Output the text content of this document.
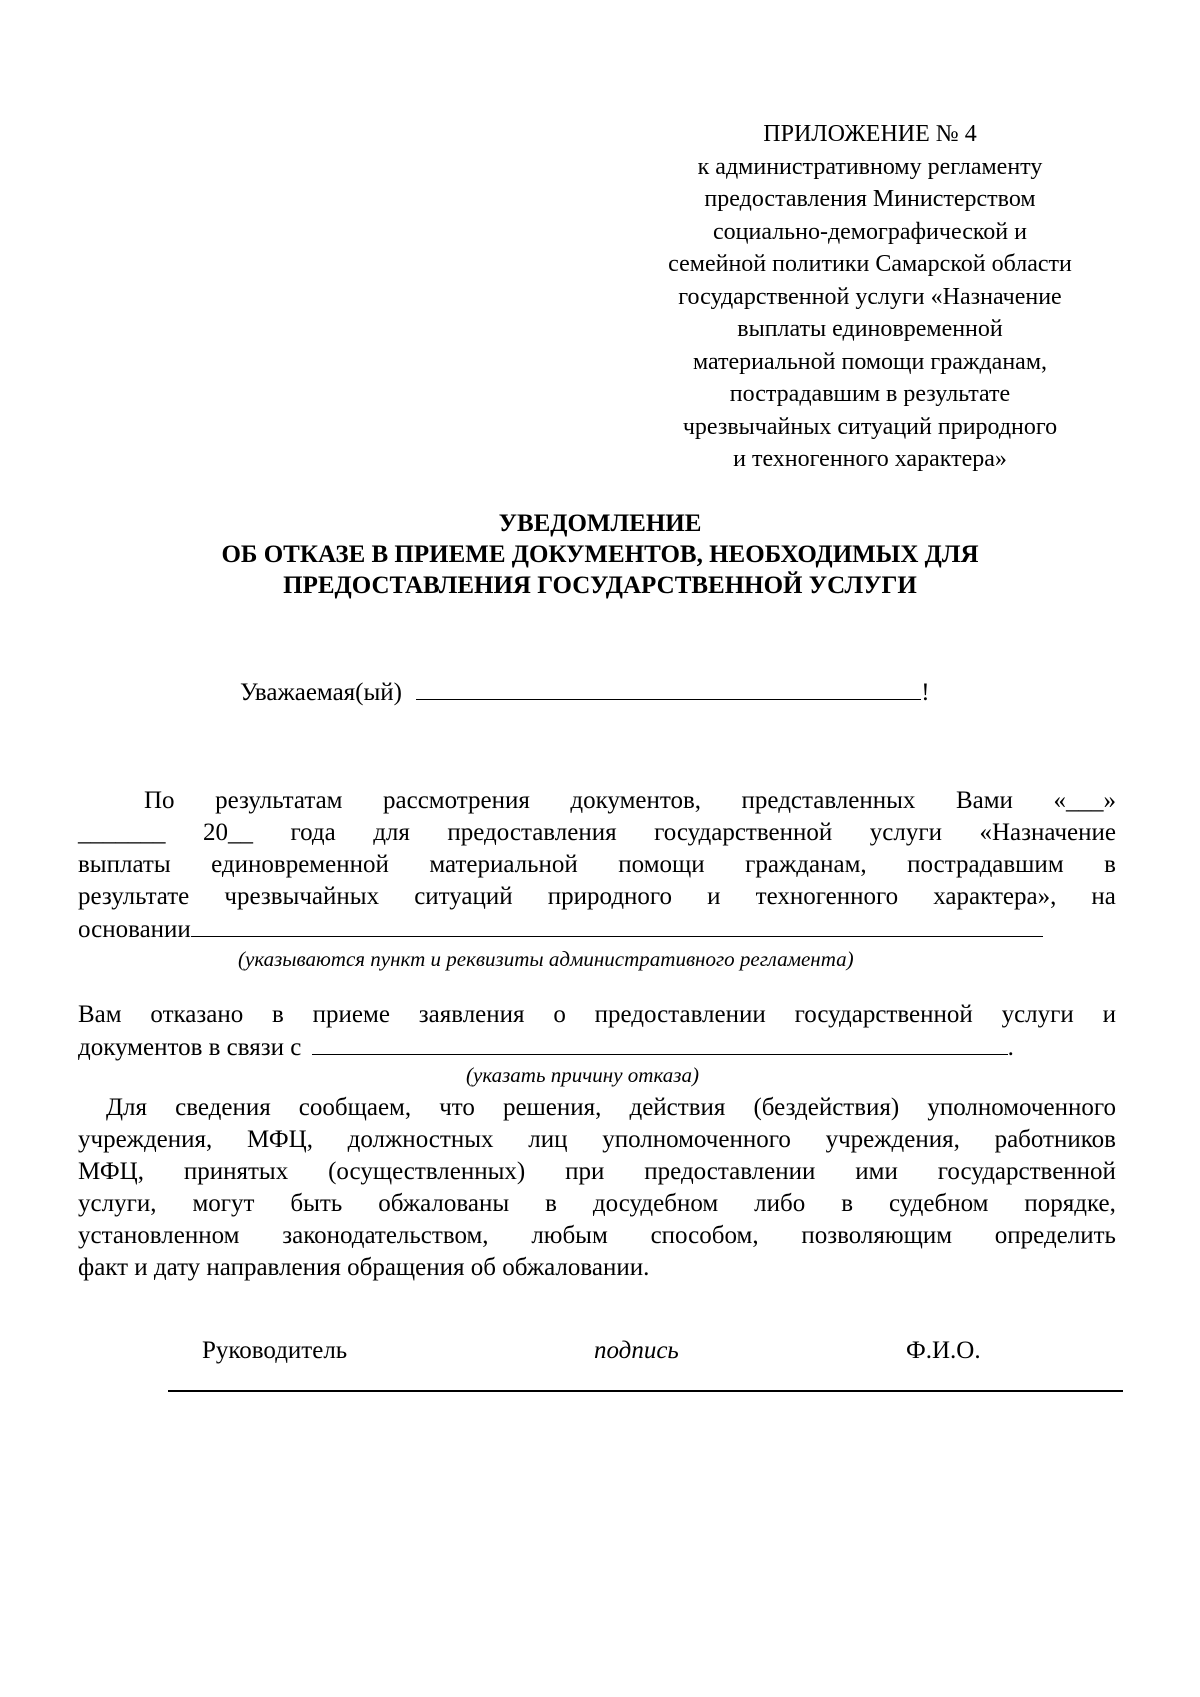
ПРИЛОЖЕНИЕ № 4
к административному регламенту
предоставления Министерством
социально-демографической и
семейной политики Самарской области
государственной услуги «Назначение
выплаты единовременной
материальной помощи гражданам,
пострадавшим в результате
чрезвычайных ситуаций природного
и техногенного характера»
УВЕДОМЛЕНИЕ
ОБ ОТКАЗЕ В ПРИЕМЕ ДОКУМЕНТОВ, НЕОБХОДИМЫХ ДЛЯ
ПРЕДОСТАВЛЕНИЯ ГОСУДАРСТВЕННОЙ УСЛУГИ
Уважаемая(ый)	!
По результатам рассмотрения документов, представленных Вами «___»
_______ 20__ года для предоставления государственной услуги «Назначение
выплаты единовременной материальной помощи гражданам, пострадавшим в
результате чрезвычайных ситуаций природного и техногенного характера», на
основании
(указываются пункт и реквизиты административного регламента)
Вам отказано в приеме заявления о предоставлении государственной услуги и
документов в связи с	.
(указать причину отказа)
Для сведения сообщаем, что решения, действия (бездействия) уполномоченного
учреждения, МФЦ, должностных лиц уполномоченного учреждения, работников
МФЦ, принятых (осуществленных) при предоставлении ими государственной
услуги, могут быть обжалованы в досудебном либо в судебном порядке,
установленном законодательством, любым способом, позволяющим определить
факт и дату направления обращения об обжаловании.
Руководитель	подпись	Ф.И.О.
